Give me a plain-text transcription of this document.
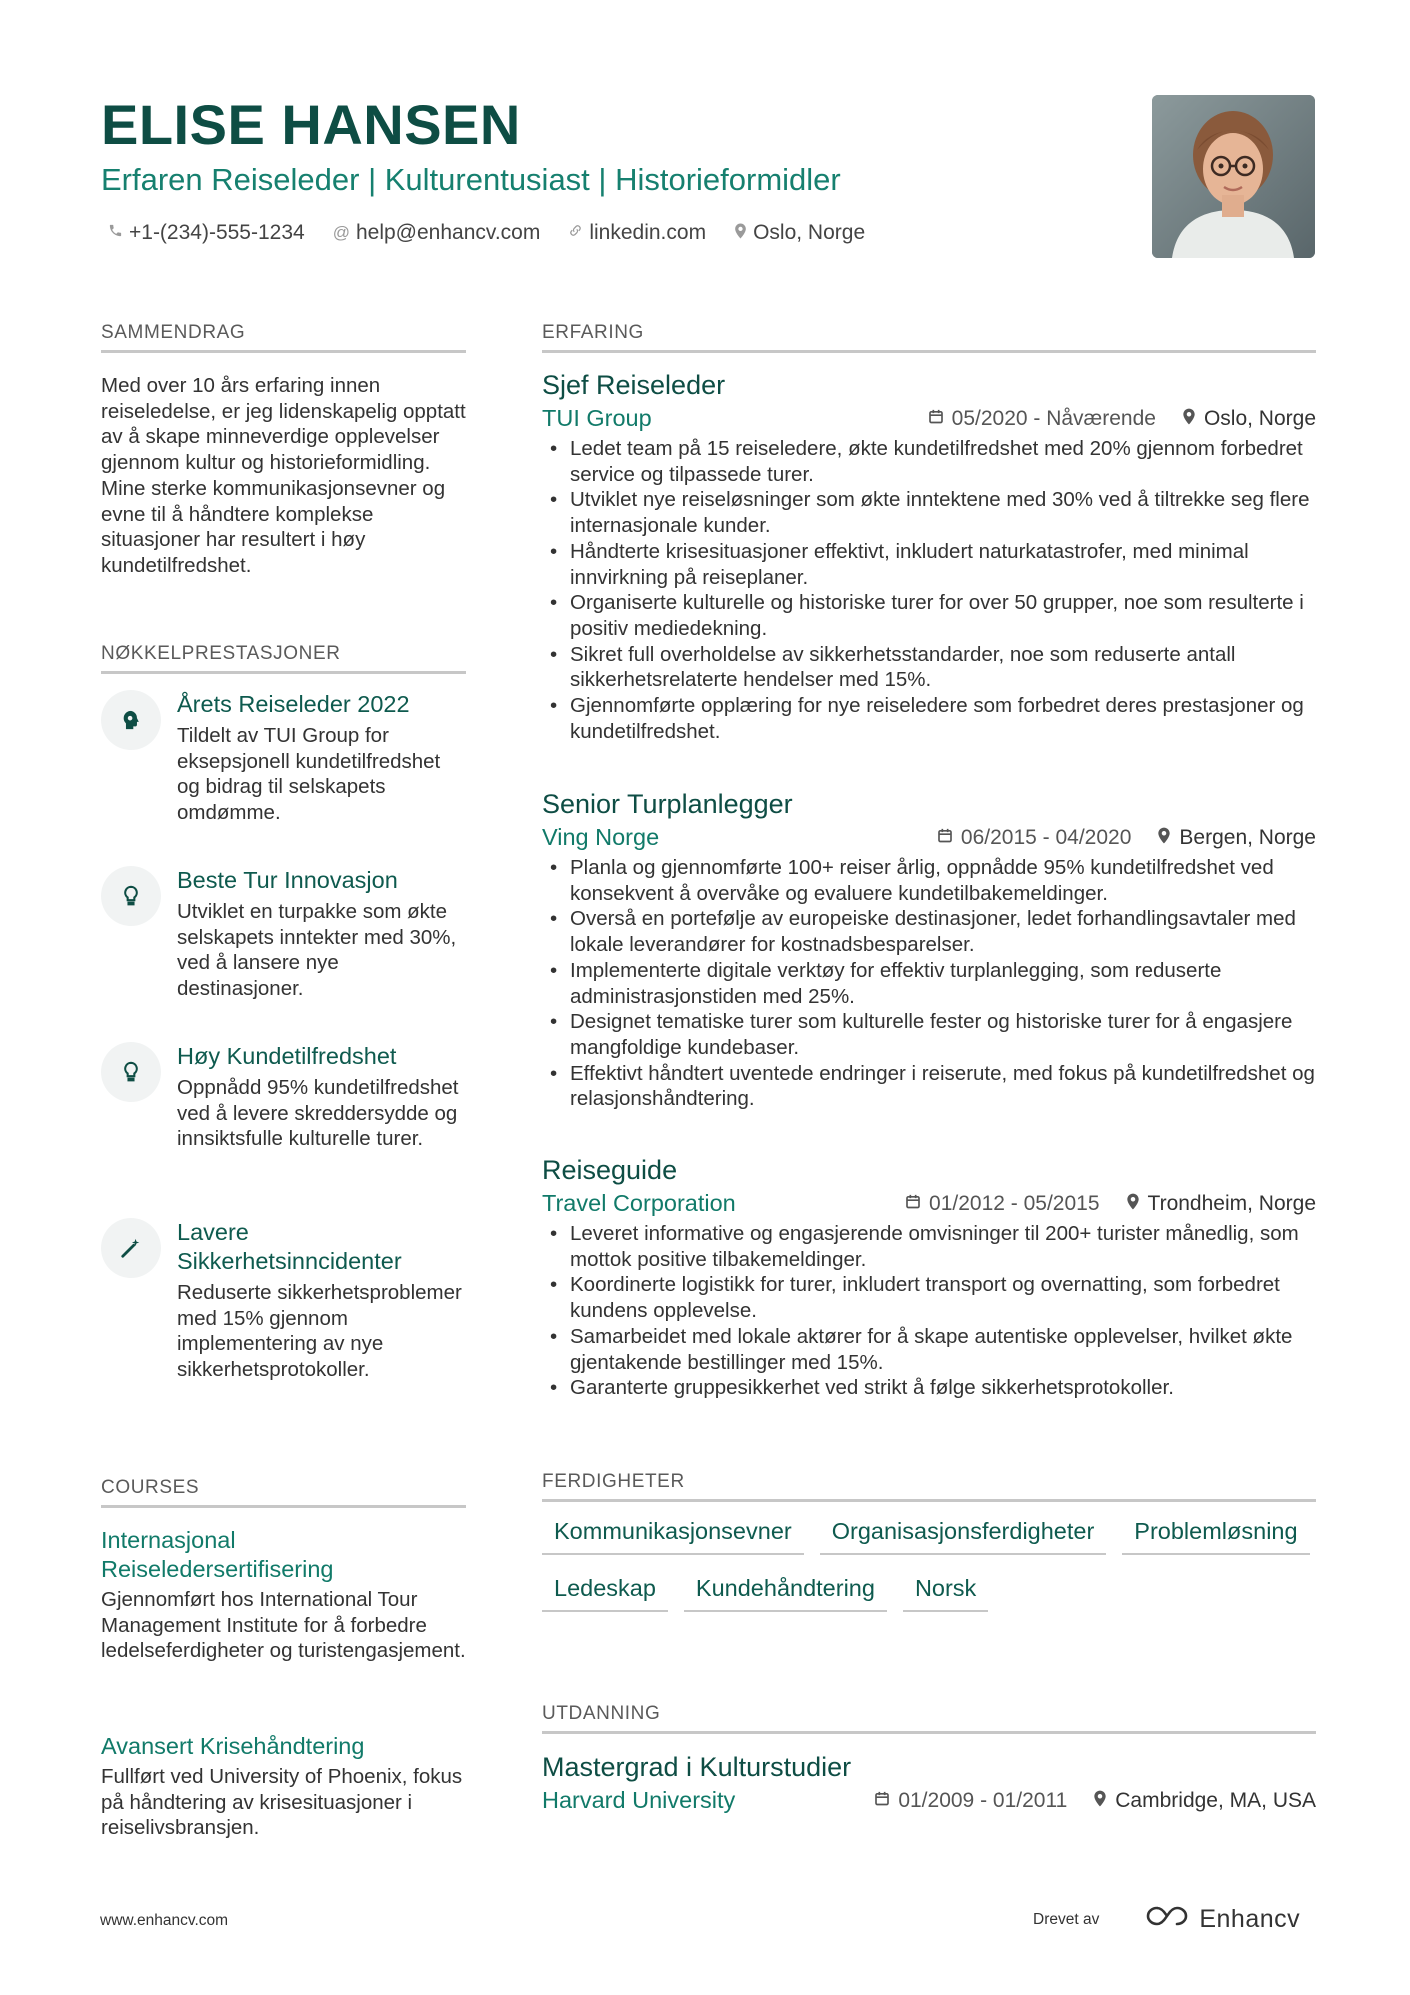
ELISE HANSEN
Erfaren Reiseleder | Kulturentusiast | Historieformidler
+1-(234)-555-1234 @ help@enhancv.com linkedin.com Oslo, Norge
SAMMENDRAG
Med over 10 års erfaring innen reiseledelse, er jeg lidenskapelig opptatt av å skape minneverdige opplevelser gjennom kultur og historieformidling. Mine sterke kommunikasjonsevner og evne til å håndtere komplekse situasjoner har resultert i høy kundetilfredshet.
NØKKELPRESTASJONER
Årets Reiseleder 2022
Tildelt av TUI Group for eksepsjonell kundetilfredshet og bidrag til selskapets omdømme.
Beste Tur Innovasjon
Utviklet en turpakke som økte selskapets inntekter med 30%, ved å lansere nye destinasjoner.
Høy Kundetilfredshet
Oppnådd 95% kundetilfredshet ved å levere skreddersydde og innsiktsfulle kulturelle turer.
Lavere Sikkerhetsinncidenter
Reduserte sikkerhetsproblemer med 15% gjennom implementering av nye sikkerhetsprotokoller.
COURSES
Internasjonal Reiseledersertifisering
Gjennomført hos International Tour Management Institute for å forbedre ledelseferdigheter og turistengasjement.
Avansert Krisehåndtering
Fullført ved University of Phoenix, fokus på håndtering av krisesituasjoner i reiselivsbransjen.
ERFARING
Sjef Reiseleder
TUI Group	05/2020 - Nåværende Oslo, Norge
• Ledet team på 15 reiseledere, økte kundetilfredshet med 20% gjennom forbedret service og tilpassede turer.
• Utviklet nye reiseløsninger som økte inntektene med 30% ved å tiltrekke seg flere internasjonale kunder.
• Håndterte krisesituasjoner effektivt, inkludert naturkatastrofer, med minimal innvirkning på reiseplaner.
• Organiserte kulturelle og historiske turer for over 50 grupper, noe som resulterte i positiv mediedekning.
• Sikret full overholdelse av sikkerhetsstandarder, noe som reduserte antall sikkerhetsrelaterte hendelser med 15%.
• Gjennomførte opplæring for nye reiseledere som forbedret deres prestasjoner og kundetilfredshet.
Senior Turplanlegger
Ving Norge	06/2015 - 04/2020 Bergen, Norge
• Planla og gjennomførte 100+ reiser årlig, oppnådde 95% kundetilfredshet ved konsekvent å overvåke og evaluere kundetilbakemeldinger.
• Overså en portefølje av europeiske destinasjoner, ledet forhandlingsavtaler med lokale leverandører for kostnadsbesparelser.
• Implementerte digitale verktøy for effektiv turplanlegging, som reduserte administrasjonstiden med 25%.
• Designet tematiske turer som kulturelle fester og historiske turer for å engasjere mangfoldige kundebaser.
• Effektivt håndtert uventede endringer i reiserute, med fokus på kundetilfredshet og relasjonshåndtering.
Reiseguide
Travel Corporation	01/2012 - 05/2015 Trondheim, Norge
• Leveret informative og engasjerende omvisninger til 200+ turister månedlig, som mottok positive tilbakemeldinger.
• Koordinerte logistikk for turer, inkludert transport og overnatting, som forbedret kundens opplevelse.
• Samarbeidet med lokale aktører for å skape autentiske opplevelser, hvilket økte gjentakende bestillinger med 15%.
• Garanterte gruppesikkerhet ved strikt å følge sikkerhetsprotokoller.
FERDIGHETER
Kommunikasjonsevner	Organisasjonsferdigheter	Problemløsning
Ledeskap	Kundehåndtering	Norsk
UTDANNING
Mastergrad i Kulturstudier
Harvard University	01/2009 - 01/2011 Cambridge, MA, USA
www.enhancv.com	Drevet av	Enhancv
